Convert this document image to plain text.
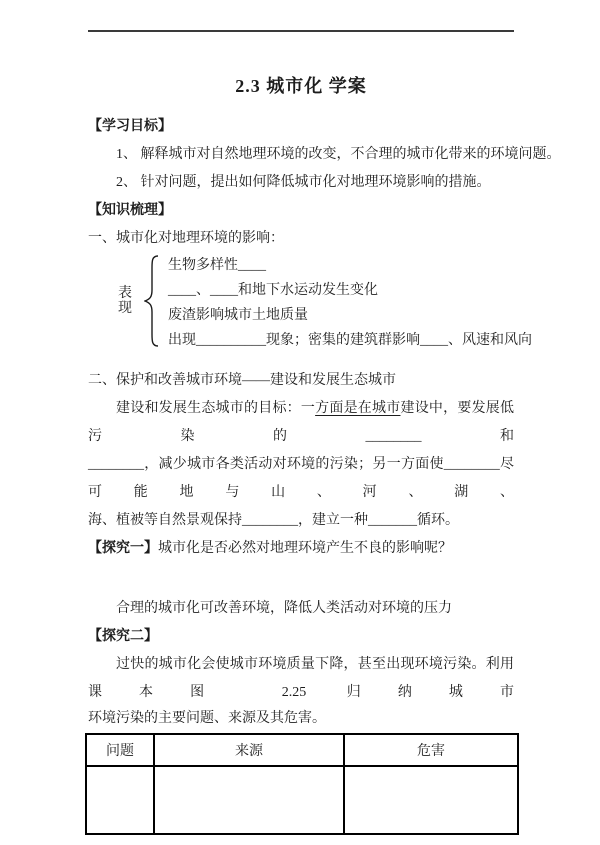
2.3 城市化 学案
【学习目标】
1、 解释城市对自然地理环境的改变，不合理的城市化带来的环境问题。
2、 针对问题，提出如何降低城市化对地理环境影响的措施。
【知识梳理】
一、城市化对地理环境的影响：
表
现
生物多样性____
____、____和地下水运动发生变化
废渣影响城市土地质量
出现__________现象；密集的建筑群影响____、风速和风向
二、保护和改善城市环境——建设和发展生态城市
建设和发展生态城市的目标：一方面是在城市建设中，要发展低污染的________和
________，减少城市各类活动对环境的污染；另一方面使________尽可能地与山、河、湖、
海、植被等自然景观保持________，建立一种_______循环。
【探究一】城市化是否必然对地理环境产生不良的影响呢？
合理的城市化可改善环境，降低人类活动对环境的压力
【探究二】
过快的城市化会使城市环境质量下降，甚至出现环境污染。利用课本图 2.25 归纳城市
环境污染的主要问题、来源及其危害。
问题	来源	危害
